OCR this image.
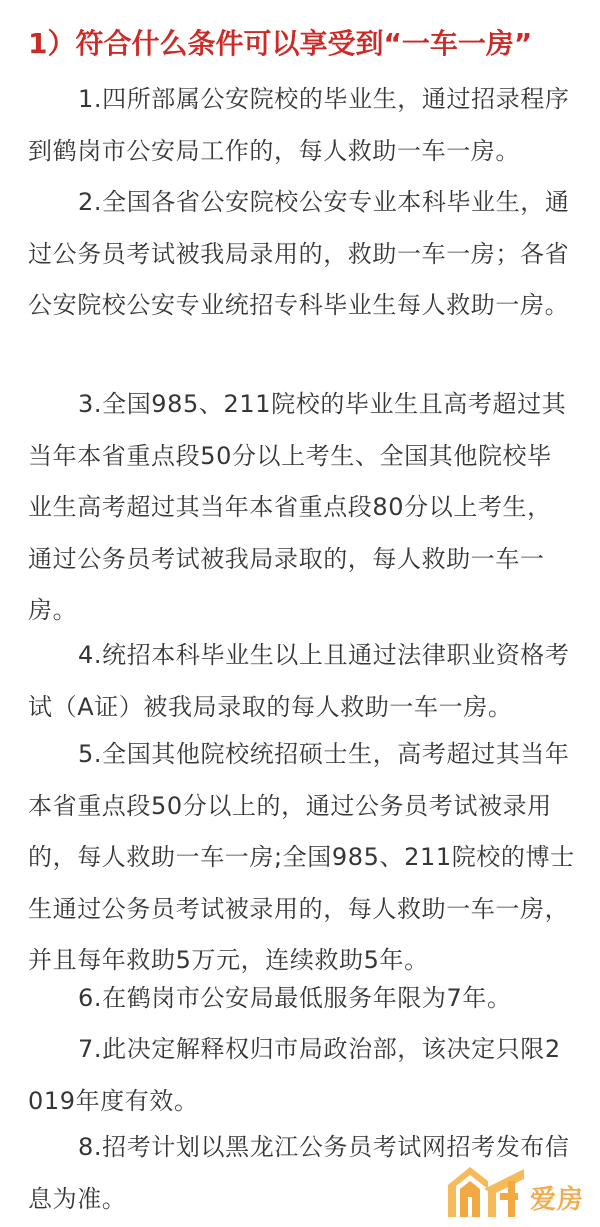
1）符合什么条件可以享受到“一车一房”
1.四所部属公安院校的毕业生，通过招录程序到鹤岗市公安局工作的，每人救助一车一房。
2.全国各省公安院校公安专业本科毕业生，通过公务员考试被我局录用的，救助一车一房；各省公安院校公安专业统招专科毕业生每人救助一房。
3.全国985、211院校的毕业生且高考超过其当年本省重点段50分以上考生、全国其他院校毕业生高考超过其当年本省重点段80分以上考生，通过公务员考试被我局录取的，每人救助一车一房。
4.统招本科毕业生以上且通过法律职业资格考试（A证）被我局录取的每人救助一车一房。
5.全国其他院校统招硕士生，高考超过其当年本省重点段50分以上的，通过公务员考试被录用的，每人救助一车一房;全国985、211院校的博士生通过公务员考试被录用的，每人救助一车一房，并且每年救助5万元，连续救助5年。
6.在鹤岗市公安局最低服务年限为7年。
7.此决定解释权归市局政治部，该决定只限2019年度有效。
8.招考计划以黑龙江公务员考试网招考发布信息为准。	爱房
